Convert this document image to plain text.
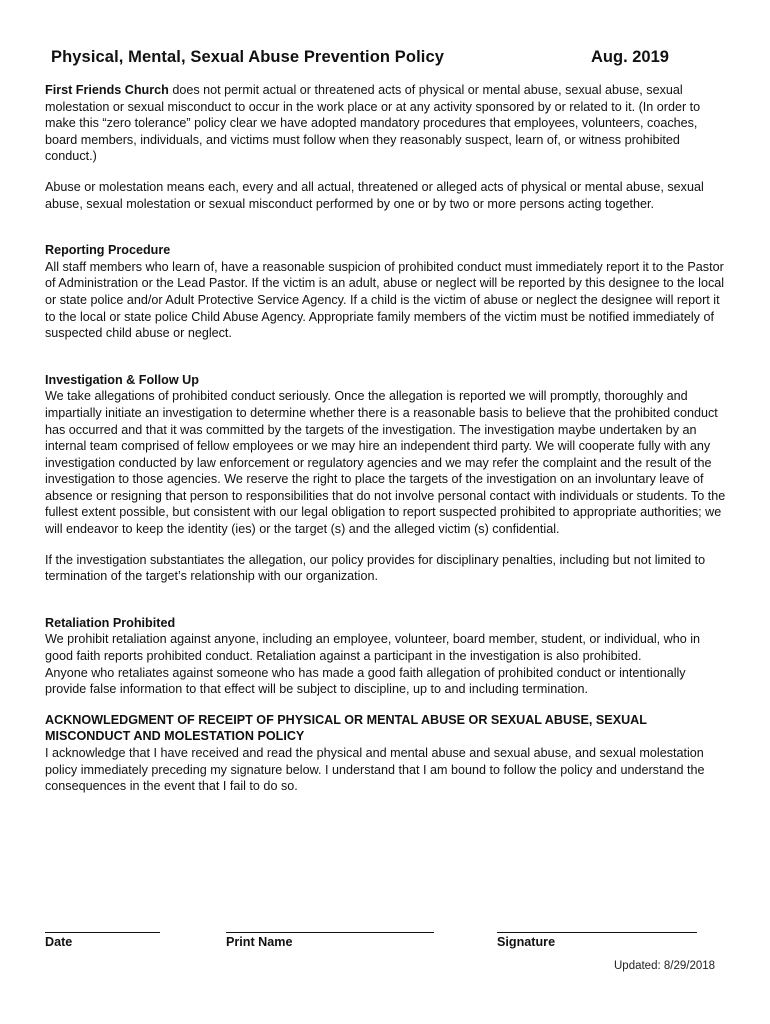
Physical, Mental, Sexual Abuse Prevention Policy	Aug. 2019

First Friends Church does not permit actual or threatened acts of physical or mental abuse, sexual abuse, sexual molestation or sexual misconduct to occur in the work place or at any activity sponsored by or related to it. (In order to make this “zero tolerance” policy clear we have adopted mandatory procedures that employees, volunteers, coaches, board members, individuals, and victims must follow when they reasonably suspect, learn of, or witness prohibited conduct.)

Abuse or molestation means each, every and all actual, threatened or alleged acts of physical or mental abuse, sexual abuse, sexual molestation or sexual misconduct performed by one or by two or more persons acting together.

Reporting Procedure

All staff members who learn of, have a reasonable suspicion of prohibited conduct must immediately report it to the Pastor of Administration or the Lead Pastor. If the victim is an adult, abuse or neglect will be reported by this designee to the local or state police and/or Adult Protective Service Agency. If a child is the victim of abuse or neglect the designee will report it to the local or state police Child Abuse Agency. Appropriate family members of the victim must be notified immediately of suspected child abuse or neglect.

Investigation & Follow Up

We take allegations of prohibited conduct seriously. Once the allegation is reported we will promptly, thoroughly and impartially initiate an investigation to determine whether there is a reasonable basis to believe that the prohibited conduct has occurred and that it was committed by the targets of the investigation. The investigation maybe undertaken by an internal team comprised of fellow employees or we may hire an independent third party. We will cooperate fully with any investigation conducted by law enforcement or regulatory agencies and we may refer the complaint and the result of the investigation to those agencies. We reserve the right to place the targets of the investigation on an involuntary leave of absence or resigning that person to responsibilities that do not involve personal contact with individuals or students. To the fullest extent possible, but consistent with our legal obligation to report suspected prohibited to appropriate authorities; we will endeavor to keep the identity (ies) or the target (s) and the alleged victim (s) confidential.

If the investigation substantiates the allegation, our policy provides for disciplinary penalties, including but not limited to termination of the target’s relationship with our organization.

Retaliation Prohibited

We prohibit retaliation against anyone, including an employee, volunteer, board member, student, or individual, who in good faith reports prohibited conduct. Retaliation against a participant in the investigation is also prohibited.

Anyone who retaliates against someone who has made a good faith allegation of prohibited conduct or intentionally provide false information to that effect will be subject to discipline, up to and including termination.

ACKNOWLEDGMENT OF RECEIPT OF PHYSICAL OR MENTAL ABUSE OR SEXUAL ABUSE, SEXUAL MISCONDUCT AND MOLESTATION POLICY

I acknowledge that I have received and read the physical and mental abuse and sexual abuse, and sexual molestation policy immediately preceding my signature below. I understand that I am bound to follow the policy and understand the consequences in the event that I fail to do so.

Date	Print Name	Signature
Updated: 8/29/2018
